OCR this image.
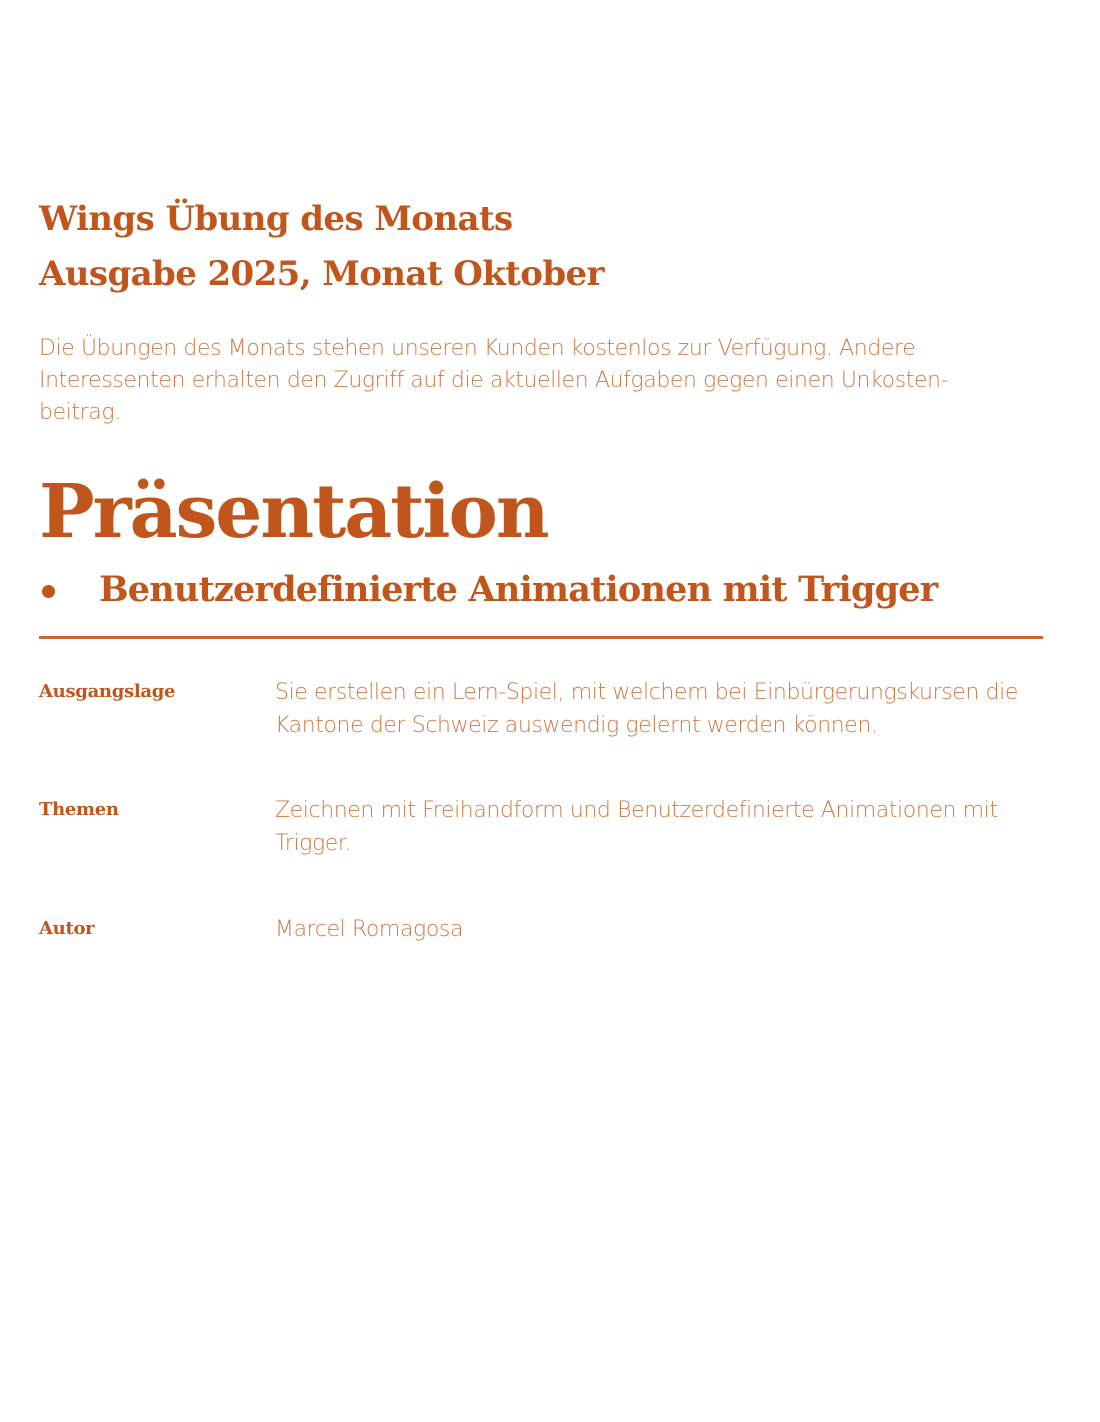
Wings Übung des Monats
Ausgabe 2025, Monat Oktober

Die Übungen des Monats stehen unseren Kunden kostenlos zur Verfügung. Andere Interessenten erhalten den Zugriff auf die aktuellen Aufgaben gegen einen Unkosten-beitrag.

Präsentation
Benutzerdefinierte Animationen mit Trigger
Ausgangslage	Sie erstellen ein Lern-Spiel, mit welchem bei Einbürgerungskursen die Kantone der Schweiz auswendig gelernt werden können.
Themen	Zeichnen mit Freihandform und Benutzerdefinierte Animationen mit Trigger.
Autor	Marcel Romagosa
